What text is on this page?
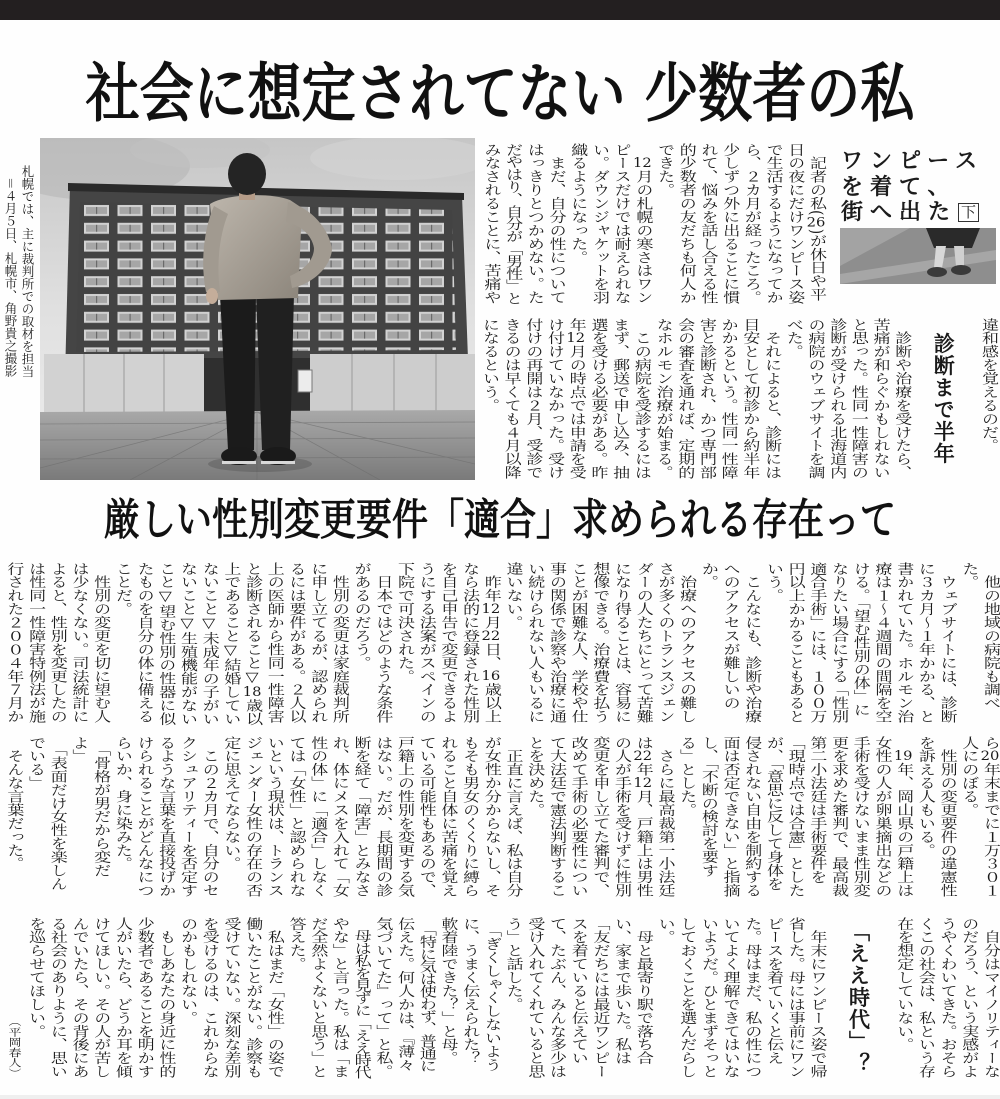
社会に想定されてない 少数者の私
札幌では、主に裁判所での取材を担当
＝４月５日、札幌市、角野貴之撮影
ワンピース
を着て、
街へ出た 下
　記者の私(26)が休日や平
日の夜にだけワンピース姿
で生活するようになってか
ら、２カ月が経ったころ。
少しずつ外に出ることに慣
れて、悩みを話し合える性
的少数者の友だちも何人か
できた。
　12月の札幌の寒さはワン
ピースだけでは耐えられな
い。ダウンジャケットを羽
織るようになった。
　まだ、自分の性について
はっきりとつかめない。た
だやはり、自分が「男性」と
みなされることに、苦痛や
違和感を覚えるのだ。
診断まで半年
　診断や治療を受けたら、
苦痛が和らぐかもしれない
と思った。性同一性障害の
診断が受けられる北海道内
の病院のウェブサイトを調
べた。
　それによると、診断には
目安として初診から約半年
かかるという。性同一性障
害と診断され、かつ専門部
会の審査を通れば、定期的
なホルモン治療が始まる。
　この病院を受診するには
まず、郵送で申し込み、抽
選を受ける必要がある。昨
年12月の時点では申請を受
け付けていなかった。受け
付けの再開は２月、受診で
きるのは早くても４月以降
になるという。
厳しい性別変更要件「適合」求められる存在って
　他の地域の病院も調べ
た。
　ウェブサイトには、診断
に３カ月～１年かかる、と
書かれていた。ホルモン治
療は１～４週間の間隔を空
ける。「望む性別の体」に
なりたい場合にする「性別
適合手術」には、１００万
円以上かかることもあると
いう。
　こんなにも、診断や治療
へのアクセスが難しいの
か。
　治療へのアクセスの難し
さが多くのトランスジェン
ダーの人たちにとって苦難
になり得ることは、容易に
想像できる。治療費を払う
ことが困難な人、学校や仕
事の関係で診察や治療に通
い続けられない人もいるに
違いない。
　昨年12月22日、16歳以上
なら法的に登録された性別
を自己申告で変更できるよ
うにする法案がスペインの
下院で可決された。
　日本ではどのような条件
があるのだろう。
　性別の変更は家庭裁判所
に申し立てるが、認められ
るには要件がある。２人以
上の医師から性同一性障害
と診断されること▽18歳以
上であること▽結婚してい
ないこと▽未成年の子がい
ないこと▽生殖機能がない
こと▽望む性別の性器に似
たものを自分の体に備える
ことだ。
　性別の変更を切に望む人
は少なくない。司法統計に
よると、性別を変更したの
は性同一性障害特例法が施
行された２００４年７月か
ら20年末までに１万３０１
人にのぼる。
　性別の変更要件の違憲性
を訴える人もいる。
　19年、岡山県の戸籍上は
女性の人が卵巣摘出などの
手術を受けないまま性別変
更を求めた審判で、最高裁
第二小法廷は手術要件を
「現時点では合憲」とした
が、「意思に反して身体を
侵されない自由を制約する
面は否定できない」と指摘
し、「不断の検討を要す
る」とした。
　さらに最高裁第一小法廷
は22年12月、戸籍上は男性
の人が手術を受けずに性別
変更を申し立てた審判で、
改めて手術の必要性につい
て大法廷で憲法判断するこ
とを決めた。
　正直に言えば、私は自分
が女性か分からないし、そ
もそも男女のくくりに縛ら
れること自体に苦痛を覚え
ている可能性もあるので、
戸籍上の性別を変更する気
はない。だが、長期間の診
断を経て「障害」とみなさ
れ、体にメスを入れて「女
性の体」に「適合」しなく
ては「女性」と認められな
いという現状は、トランス
ジェンダー女性の存在の否
定に思えてならない。
　この２カ月で、自分のセ
クシュアリティーを否定す
るような言葉を直接投げか
けられることがどんなにつ
らいか、身に染みた。
　「骨格が男だから変だ
よ」
　「表面だけ女性を楽しん
でいる」
　そんな言葉だった。
　自分はマイノリティーな
のだろう、という実感がよ
うやくわいてきた。おそら
くこの社会は、私という存
在を想定していない。
「ええ時代」？
　年末にワンピース姿で帰
省した。母には事前にワン
ピースを着ていくと伝え
た。母はまだ、私の性につ
いてよく理解できてはいな
いようだ。ひとまずそっと
しておくことを選んだらし
い。
　母と最寄り駅で落ち合
い、家まで歩いた。私は
「友だちには最近ワンピー
スを着ていると伝えてい
て、たぶん、みんな多少は
受け入れてくれていると思
う」と話した。
　「ぎくしゃくしないよう
に、うまく伝えられた？
軟着陸できた？」と母。
　「特に気は使わず、普通に
伝えた。何人かは、『薄々
気づいてた』って」と私。
　母は私を見ずに「ええ時代
やな」と言った。私は「ま
だ全然よくないと思う」と
答えた。
　私はまだ「女性」の姿で
働いたことがない。診察も
受けていない。深刻な差別
を受けるのは、これからな
のかもしれない。
　もしあなたの身近に性的
少数者であることを明かす
人がいたら、どうか耳を傾
けてほしい。その人が苦し
んでいたら、その背後にあ
る社会のありように、思い
を巡らせてほしい。
（平岡春人）
